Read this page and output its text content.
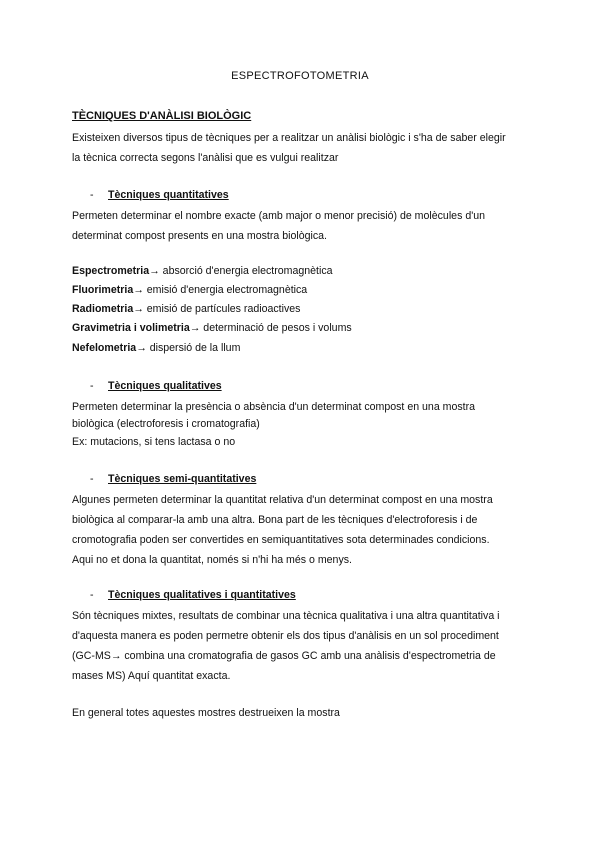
ESPECTROFOTOMETRIA
TÈCNIQUES D'ANÀLISI BIOLÒGIC
Existeixen diversos tipus de tècniques per a realitzar un anàlisi biològic i s'ha de saber elegir
la tècnica correcta segons l'anàlisi que es vulgui realitzar
- Tècniques quantitatives
Permeten determinar el nombre exacte (amb major o menor precisió) de molècules d'un
determinat compost presents en una mostra biològica.
Espectrometria→ absorció d'energia electromagnètica
Fluorimetria→ emisió d'energia electromagnètica
Radiometria→ emisió de partícules radioactives
Gravimetria i volimetria→ determinació de pesos i volums
Nefelometria→ dispersió de la llum
- Tècniques qualitatives
Permeten determinar la presència o absència d'un determinat compost en una mostra
biològica (electroforesis i cromatografia)
Ex: mutacions, si tens lactasa o no
- Tècniques semi-quantitatives
Algunes permeten determinar la quantitat relativa d'un determinat compost en una mostra
biològica al comparar-la amb una altra. Bona part de les tècniques d'electroforesis i de
cromotografia poden ser convertides en semiquantitatives sota determinades condicions.
Aqui no et dona la quantitat, només si n'hi ha més o menys.
- Tècniques qualitatives i quantitatives
Són tècniques mixtes, resultats de combinar una tècnica qualitativa i una altra quantitativa i
d'aquesta manera es poden permetre obtenir els dos tipus d'anàlisis en un sol procediment
(GC-MS→ combina una cromatografia de gasos GC amb una anàlisis d'espectrometria de
mases MS) Aquí quantitat exacta.
En general totes aquestes mostres destrueixen la mostra
